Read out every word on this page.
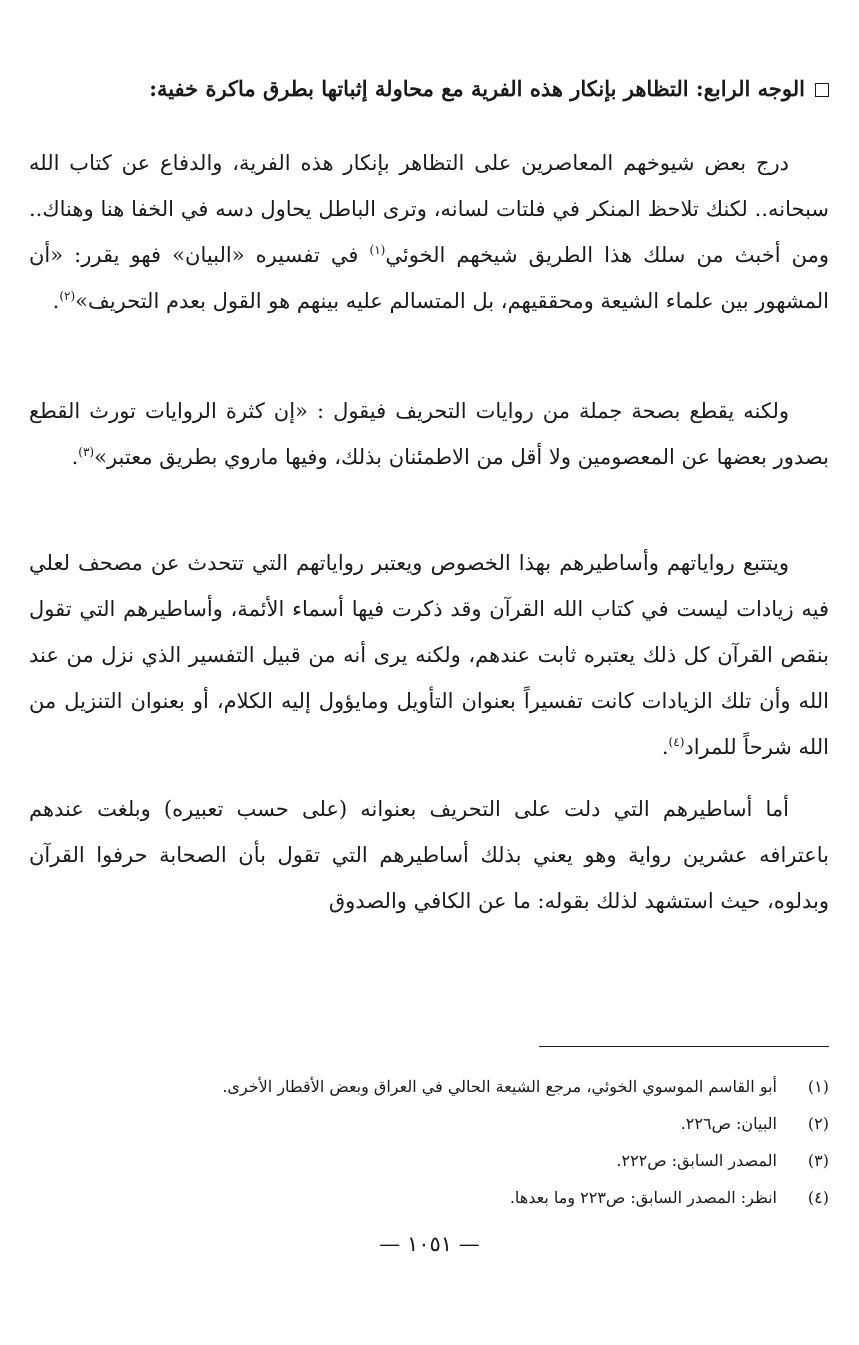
الوجه الرابع: التظاهر بإنكار هذه الفرية مع محاولة إثباتها بطرق ماكرة خفية:
درج بعض شيوخهم المعاصرين على التظاهر بإنكار هذه الفرية، والدفاع عن كتاب الله سبحانه.. لكنك تلاحظ المنكر في فلتات لسانه، وترى الباطل يحاول دسه في الخفا هنا وهناك.. ومن أخبث من سلك هذا الطريق شيخهم الخوئي$^{(١)}$ في تفسيره «البيان» فهو يقرر: «أن المشهور بين علماء الشيعة ومحققيهم، بل المتسالم عليه بينهم هو القول بعدم التحريف»$^{(٢)}$.
ولكنه يقطع بصحة جملة من روايات التحريف فيقول : «إن كثرة الروايات تورث القطع بصدور بعضها عن المعصومين ولا أقل من الاطمئنان بذلك، وفيها ماروي بطريق معتبر»$^{(٣)}$.
ويتتبع رواياتهم وأساطيرهم بهذا الخصوص ويعتبر رواياتهم التي تتحدث عن مصحف لعلي فيه زيادات ليست في كتاب الله القرآن وقد ذكرت فيها أسماء الأئمة، وأساطيرهم التي تقول بنقص القرآن كل ذلك يعتبره ثابت عندهم، ولكنه يرى أنه من قبيل التفسير الذي نزل من عند الله وأن تلك الزيادات كانت تفسيراً بعنوان التأويل ومايؤول إليه الكلام، أو بعنوان التنزيل من الله شرحاً للمراد$^{(٤)}$.
أما أساطيرهم التي دلت على التحريف بعنوانه (على حسب تعبيره) وبلغت عندهم باعترافه عشرين رواية وهو يعني بذلك أساطيرهم التي تقول بأن الصحابة حرفوا القرآن وبدلوه، حيث استشهد لذلك بقوله: ما عن الكافي والصدوق
(١)
أبو القاسم الموسوي الخوئي، مرجع الشيعة الحالي في العراق وبعض الأقطار الأخرى.
(٢)
البيان: ص٢٢٦.
(٣)
المصدر السابق: ص٢٢٢.
(٤)
انظر: المصدر السابق: ص٢٢٣ وما بعدها.
— ١٠٥١ —
